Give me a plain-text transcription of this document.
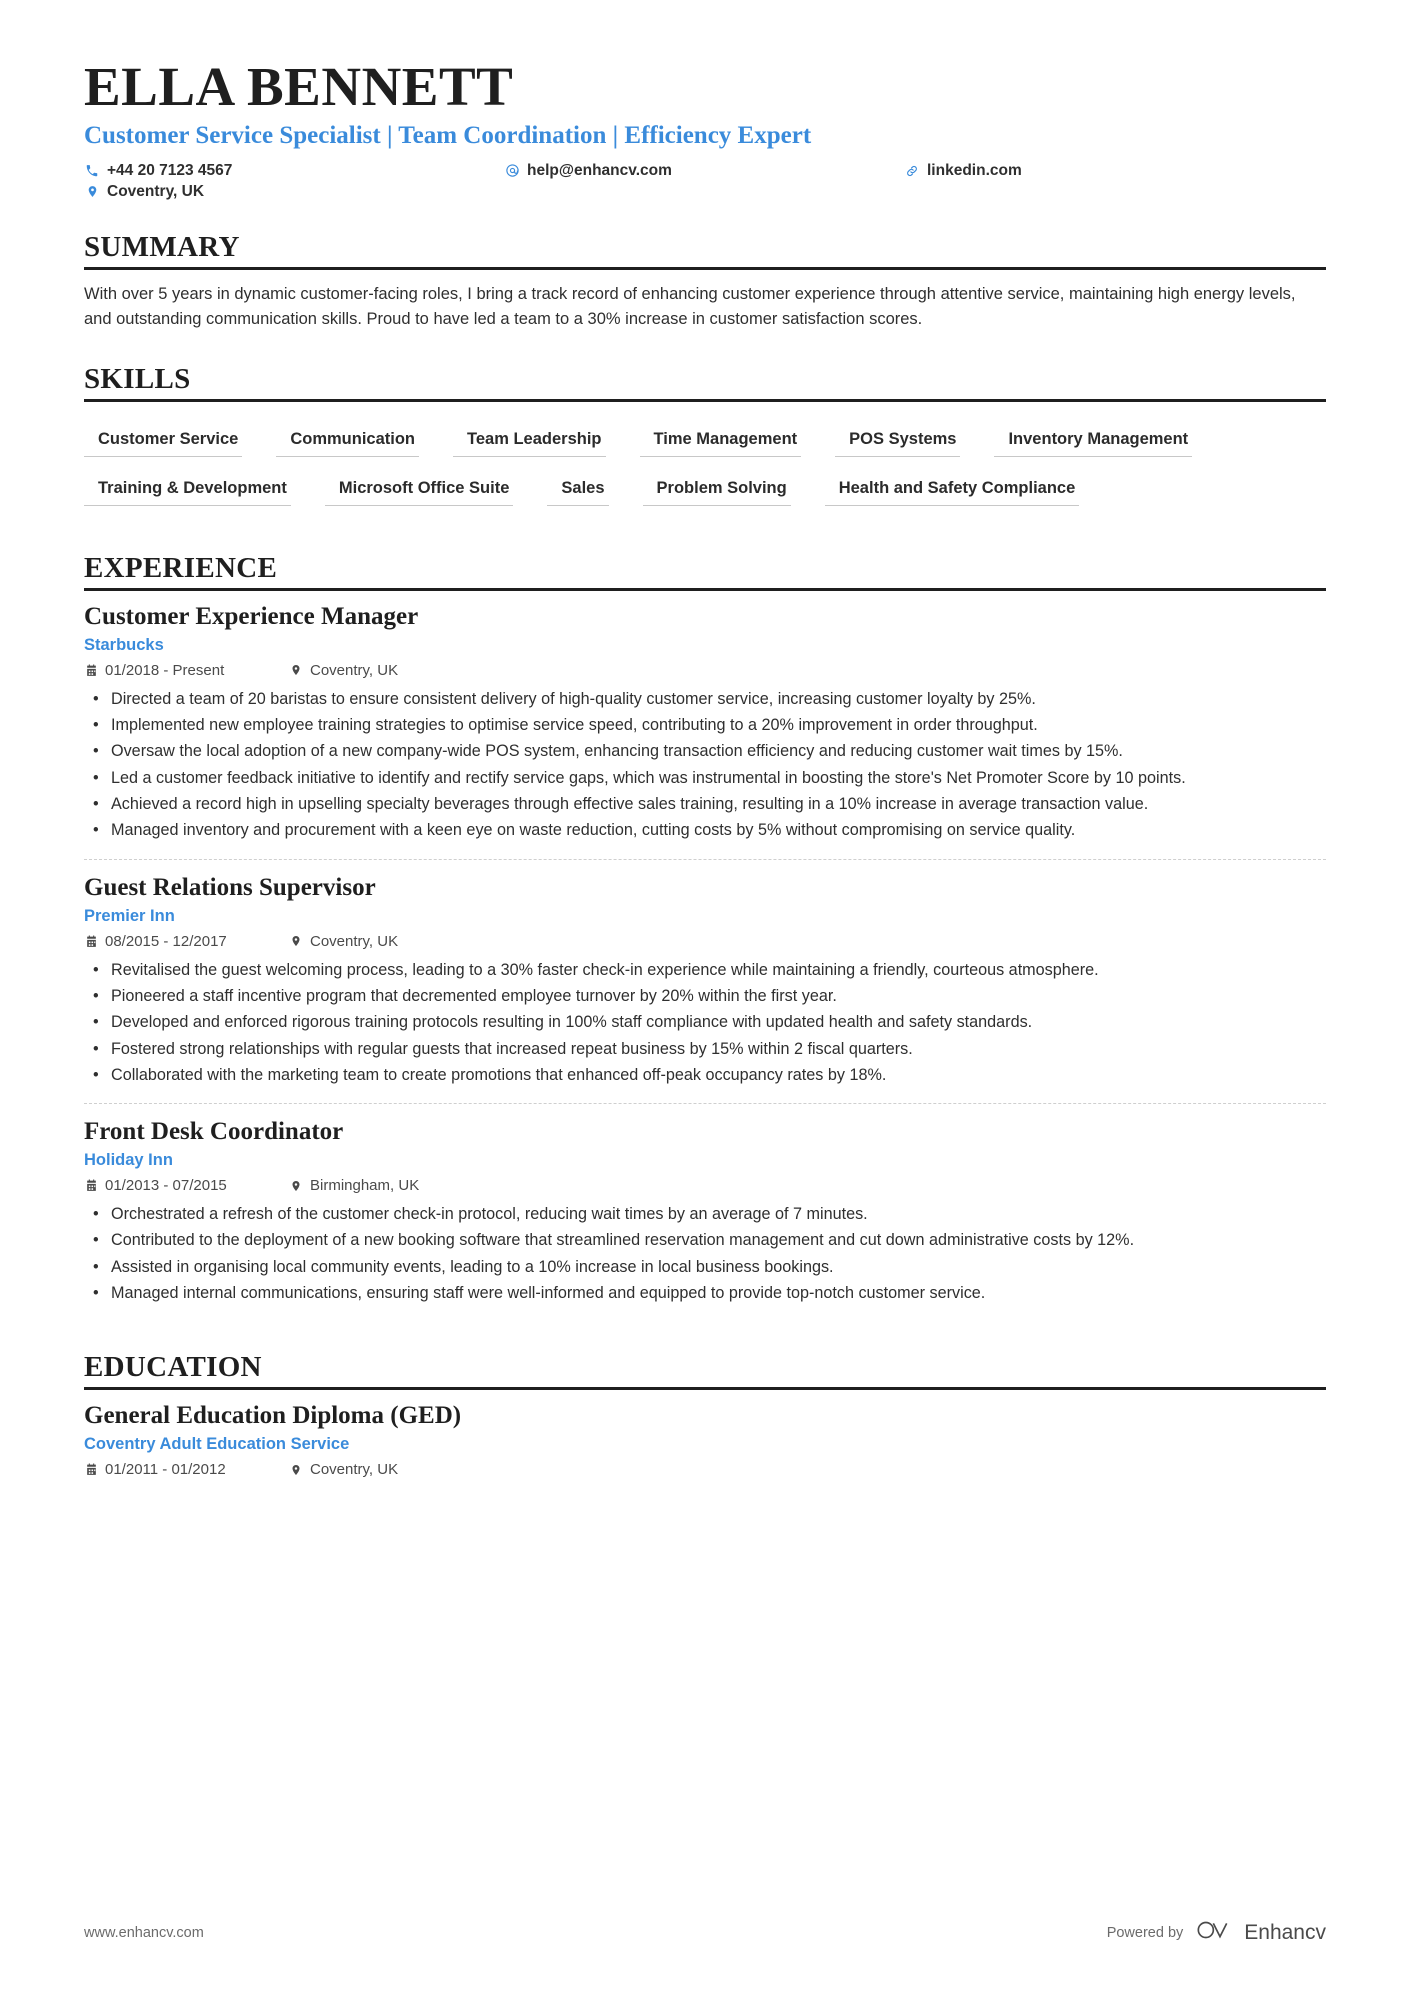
ELLA BENNETT
Customer Service Specialist | Team Coordination | Efficiency Expert
+44 20 7123 4567	help@enhancv.com	linkedin.com
Coventry, UK
SUMMARY
With over 5 years in dynamic customer-facing roles, I bring a track record of enhancing customer experience through attentive service, maintaining high energy levels, and outstanding communication skills. Proud to have led a team to a 30% increase in customer satisfaction scores.
SKILLS
Customer Service	Communication	Team Leadership	Time Management	POS Systems	Inventory Management
Training & Development	Microsoft Office Suite	Sales	Problem Solving	Health and Safety Compliance
EXPERIENCE
Customer Experience Manager
Starbucks
01/2018 - Present	Coventry, UK
• Directed a team of 20 baristas to ensure consistent delivery of high-quality customer service, increasing customer loyalty by 25%.
• Implemented new employee training strategies to optimise service speed, contributing to a 20% improvement in order throughput.
• Oversaw the local adoption of a new company-wide POS system, enhancing transaction efficiency and reducing customer wait times by 15%.
• Led a customer feedback initiative to identify and rectify service gaps, which was instrumental in boosting the store's Net Promoter Score by 10 points.
• Achieved a record high in upselling specialty beverages through effective sales training, resulting in a 10% increase in average transaction value.
• Managed inventory and procurement with a keen eye on waste reduction, cutting costs by 5% without compromising on service quality.
Guest Relations Supervisor
Premier Inn
08/2015 - 12/2017	Coventry, UK
• Revitalised the guest welcoming process, leading to a 30% faster check-in experience while maintaining a friendly, courteous atmosphere.
• Pioneered a staff incentive program that decremented employee turnover by 20% within the first year.
• Developed and enforced rigorous training protocols resulting in 100% staff compliance with updated health and safety standards.
• Fostered strong relationships with regular guests that increased repeat business by 15% within 2 fiscal quarters.
• Collaborated with the marketing team to create promotions that enhanced off-peak occupancy rates by 18%.
Front Desk Coordinator
Holiday Inn
01/2013 - 07/2015	Birmingham, UK
• Orchestrated a refresh of the customer check-in protocol, reducing wait times by an average of 7 minutes.
• Contributed to the deployment of a new booking software that streamlined reservation management and cut down administrative costs by 12%.
• Assisted in organising local community events, leading to a 10% increase in local business bookings.
• Managed internal communications, ensuring staff were well-informed and equipped to provide top-notch customer service.
EDUCATION
General Education Diploma (GED)
Coventry Adult Education Service
01/2011 - 01/2012	Coventry, UK
www.enhancv.com	Powered by	Enhancv
